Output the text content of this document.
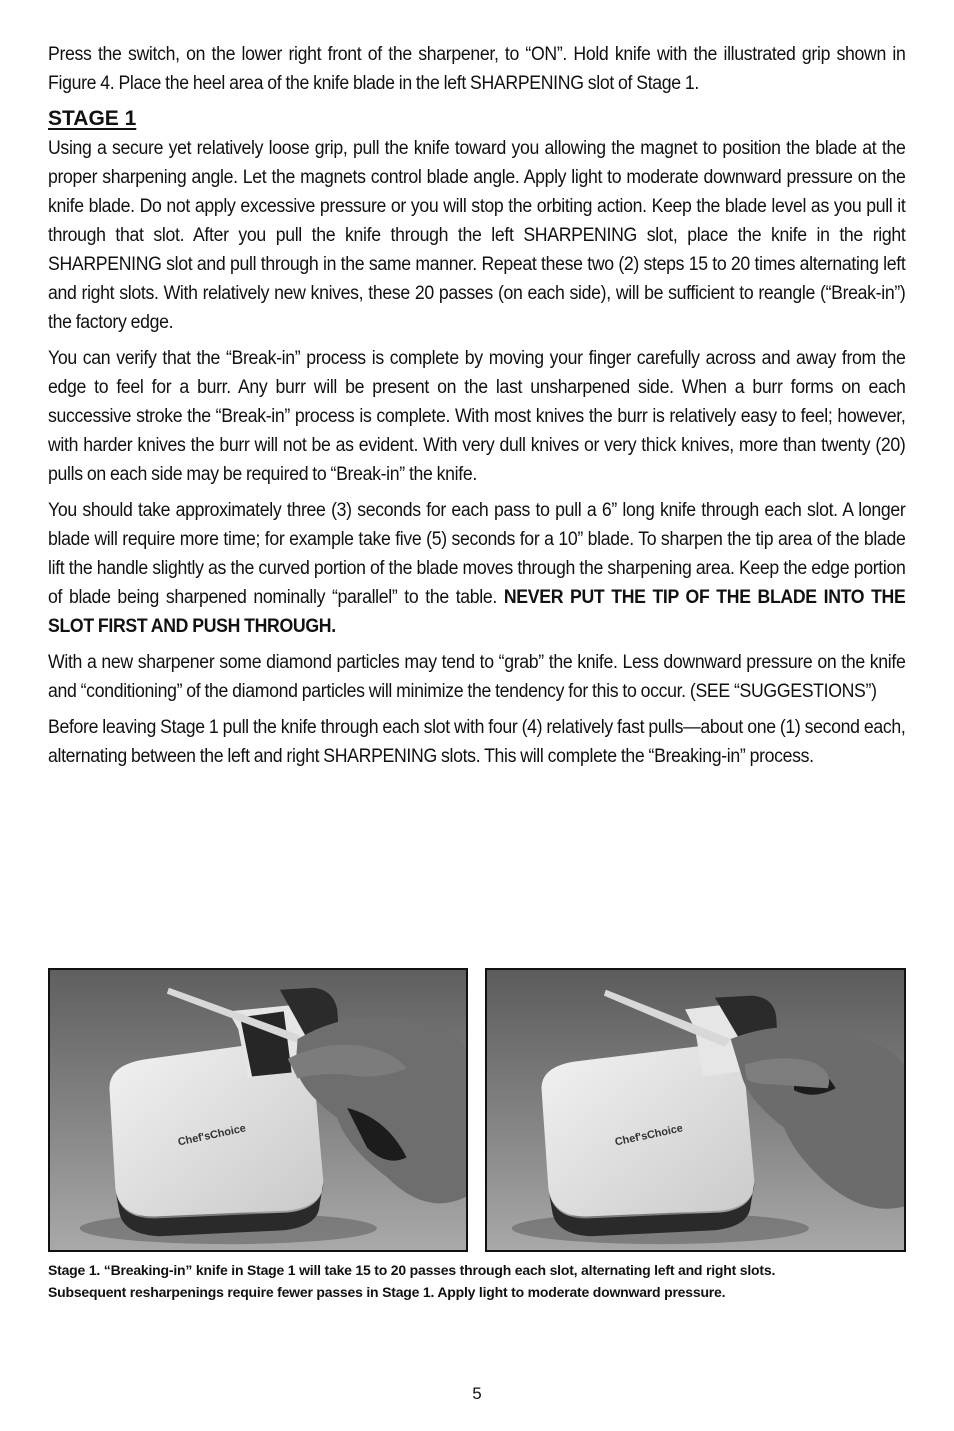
Press the switch, on the lower right front of the sharpener, to “ON”. Hold knife with the illustrated grip shown in Figure 4. Place the heel area of the knife blade in the left SHARPENING slot of Stage 1.

STAGE 1

Using a secure yet relatively loose grip, pull the knife toward you allowing the magnet to position the blade at the proper sharpening angle. Let the magnets control blade angle. Apply light to moderate downward pressure on the knife blade. Do not apply excessive pressure or you will stop the orbiting action. Keep the blade level as you pull it through that slot. After you pull the knife through the left SHARPENING slot, place the knife in the right SHARPENING slot and pull through in the same manner. Repeat these two (2) steps 15 to 20 times alternating left and right slots. With relatively new knives, these 20 passes (on each side), will be sufficient to reangle (“Break-in”) the factory edge.

You can verify that the “Break-in” process is complete by moving your finger carefully across and away from the edge to feel for a burr. Any burr will be present on the last unsharpened side. When a burr forms on each successive stroke the “Break-in” process is complete. With most knives the burr is relatively easy to feel; however, with harder knives the burr will not be as evident. With very dull knives or very thick knives, more than twenty (20) pulls on each side may be required to “Break-in” the knife.

You should take approximately three (3) seconds for each pass to pull a 6” long knife through each slot. A longer blade will require more time; for example take five (5) seconds for a 10” blade. To sharpen the tip area of the blade lift the handle slightly as the curved portion of the blade moves through the sharpening area. Keep the edge portion of blade being sharpened nominally “parallel” to the table. NEVER PUT THE TIP OF THE BLADE INTO THE SLOT FIRST AND PUSH THROUGH.

With a new sharpener some diamond particles may tend to “grab” the knife. Less downward pressure on the knife and “conditioning” of the diamond particles will minimize the tendency for this to occur. (SEE “SUGGESTIONS”)

Before leaving Stage 1 pull the knife through each slot with four (4) relatively fast pulls—about one (1) second each, alternating between the left and right SHARPENING slots. This will complete the “Breaking-in” process.

Chef'sChoice	Chef'sChoice
Stage 1. “Breaking-in” knife in Stage 1 will take 15 to 20 passes through each slot, alternating left and right slots.
Subsequent resharpenings require fewer passes in Stage 1. Apply light to moderate downward pressure.
5
